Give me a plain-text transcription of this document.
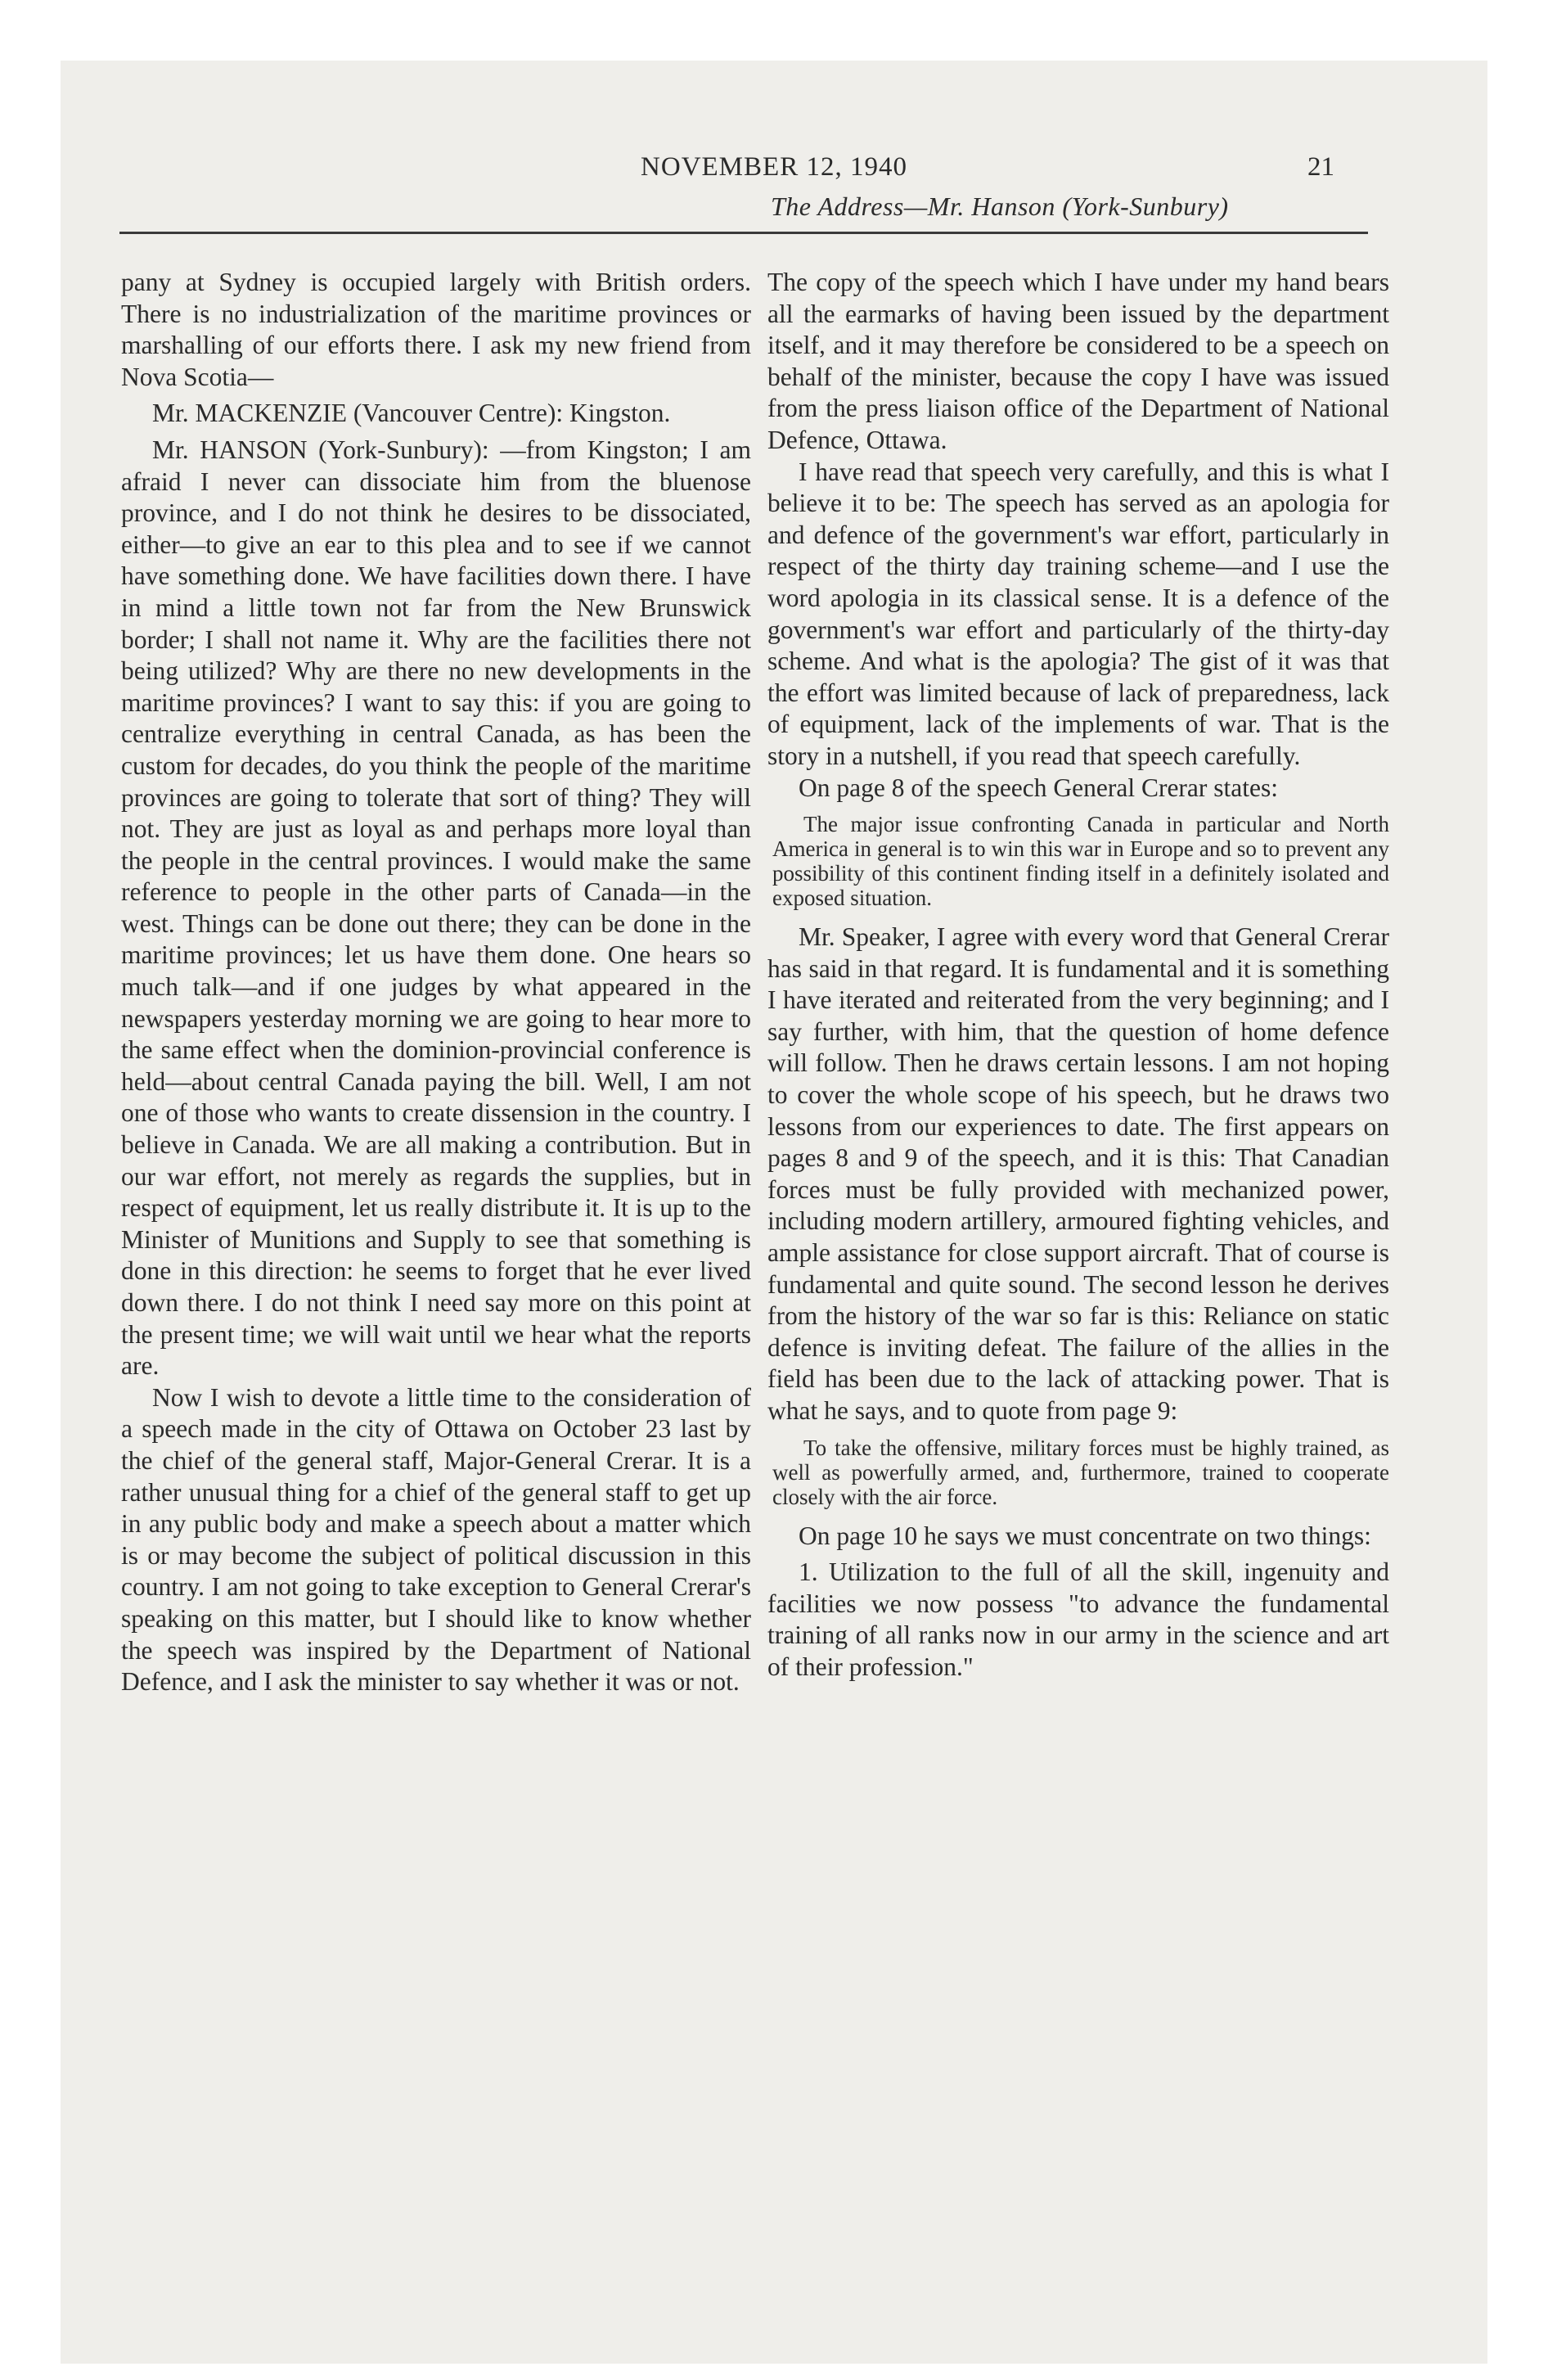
NOVEMBER 12, 1940	21
The Address—Mr. Hanson (York-Sunbury)

pany at Sydney is occupied largely with British orders. There is no industrialization of the maritime provinces or marshalling of our efforts there. I ask my new friend from Nova Scotia—

Mr. MACKENZIE (Vancouver Centre): Kingston.

Mr. HANSON (York-Sunbury): —from Kingston; I am afraid I never can dissociate him from the bluenose province, and I do not think he desires to be dissociated, either—to give an ear to this plea and to see if we cannot have something done. We have facilities down there. I have in mind a little town not far from the New Brunswick border; I shall not name it. Why are the facilities there not being utilized? Why are there no new developments in the maritime provinces? I want to say this: if you are going to centralize everything in central Canada, as has been the custom for decades, do you think the people of the maritime provinces are going to tolerate that sort of thing? They will not. They are just as loyal as and perhaps more loyal than the people in the central provinces. I would make the same reference to people in the other parts of Canada—in the west. Things can be done out there; they can be done in the maritime provinces; let us have them done. One hears so much talk—and if one judges by what appeared in the newspapers yesterday morning we are going to hear more to the same effect when the dominion-provincial conference is held—about central Canada paying the bill. Well, I am not one of those who wants to create dissension in the country. I believe in Canada. We are all making a contribution. But in our war effort, not merely as regards the supplies, but in respect of equipment, let us really distribute it. It is up to the Minister of Munitions and Supply to see that something is done in this direction: he seems to forget that he ever lived down there. I do not think I need say more on this point at the present time; we will wait until we hear what the reports are.

Now I wish to devote a little time to the consideration of a speech made in the city of Ottawa on October 23 last by the chief of the general staff, Major-General Crerar. It is a rather unusual thing for a chief of the general staff to get up in any public body and make a speech about a matter which is or may become the subject of political discussion in this country. I am not going to take exception to General Crerar's speaking on this matter, but I should like to know whether the speech was inspired by the Department of National Defence, and I ask the minister to say whether it was or not.

The copy of the speech which I have under my hand bears all the earmarks of having been issued by the department itself, and it may therefore be considered to be a speech on behalf of the minister, because the copy I have was issued from the press liaison office of the Department of National Defence, Ottawa.

I have read that speech very carefully, and this is what I believe it to be: The speech has served as an apologia for and defence of the government's war effort, particularly in respect of the thirty day training scheme—and I use the word apologia in its classical sense. It is a defence of the government's war effort and particularly of the thirty-day scheme. And what is the apologia? The gist of it was that the effort was limited because of lack of preparedness, lack of equipment, lack of the implements of war. That is the story in a nutshell, if you read that speech carefully.

On page 8 of the speech General Crerar states:

The major issue confronting Canada in particular and North America in general is to win this war in Europe and so to prevent any possibility of this continent finding itself in a definitely isolated and exposed situation.

Mr. Speaker, I agree with every word that General Crerar has said in that regard. It is fundamental and it is something I have iterated and reiterated from the very beginning; and I say further, with him, that the question of home defence will follow. Then he draws certain lessons. I am not hoping to cover the whole scope of his speech, but he draws two lessons from our experiences to date. The first appears on pages 8 and 9 of the speech, and it is this: That Canadian forces must be fully provided with mechanized power, including modern artillery, armoured fighting vehicles, and ample assistance for close support aircraft. That of course is fundamental and quite sound. The second lesson he derives from the history of the war so far is this: Reliance on static defence is inviting defeat. The failure of the allies in the field has been due to the lack of attacking power. That is what he says, and to quote from page 9:

To take the offensive, military forces must be highly trained, as well as powerfully armed, and, furthermore, trained to cooperate closely with the air force.

On page 10 he says we must concentrate on two things:

1. Utilization to the full of all the skill, ingenuity and facilities we now possess "to advance the fundamental training of all ranks now in our army in the science and art of their profession."
